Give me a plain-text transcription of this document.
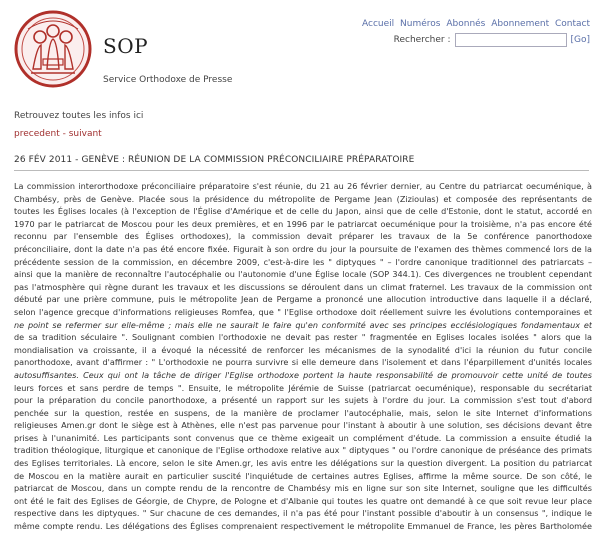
SOP
Service Orthodoxe de Presse
Accueil Numéros Abonnés Abonnement Contact
Rechercher :	[Go]
Retrouvez toutes les infos ici
precedent - suivant
26 FÉV 2011 - GENÈVE : RÉUNION DE LA COMMISSION PRÉCONCILIAIRE PRÉPARATOIRE
La commission interorthodoxe préconciliaire préparatoire s'est réunie, du 21 au 26 février dernier, au Centre du patriarcat oecuménique, à
Chambésy, près de Genève. Placée sous la présidence du métropolite de Pergame Jean (Zizioulas) et composée des représentants de
toutes les Églises locales (à l'exception de l'Église d'Amérique et de celle du Japon, ainsi que de celle d'Estonie, dont le statut, accordé en
1970 par le patriarcat de Moscou pour les deux premières, et en 1996 par le patriarcat oecuménique pour la troisième, n'a pas encore été
reconnu par l'ensemble des Églises orthodoxes), la commission devait préparer les travaux de la 5e conférence panorthodoxe
préconciliaire, dont la date n'a pas été encore fixée. Figurait à son ordre du jour la poursuite de l'examen des thèmes commencé lors de la
précédente session de la commission, en décembre 2009, c'est-à-dire les " diptyques " – l'ordre canonique traditionnel des patriarcats –
ainsi que la manière de reconnaître l'autocéphalie ou l'autonomie d'une Église locale (SOP 344.1). Ces divergences ne troublent cependant
pas l'atmosphère qui règne durant les travaux et les discussions se déroulent dans un climat fraternel. Les travaux de la commission ont
débuté par une prière commune, puis le métropolite Jean de Pergame a prononcé une allocution introductive dans laquelle il a déclaré,
selon l'agence grecque d'informations religieuses Romfea, que " l'Eglise orthodoxe doit réellement suivre les évolutions contemporaines et
ne point se refermer sur elle-même ; mais elle ne saurait le faire qu'en conformité avec ses principes ecclésiologiques fondamentaux et
de sa tradition séculaire ". Soulignant combien l'orthodoxie ne devait pas rester " fragmentée en Eglises locales isolées " alors que la
mondialisation va croissante, il a évoqué la nécessité de renforcer les mécanismes de la synodalité d'ici la réunion du futur concile
panorthodoxe, avant d'affirmer : " L'orthodoxie ne pourra survivre si elle demeure dans l'isolement et dans l'éparpillement d'unités locales
autosuffisantes. Ceux qui ont la tâche de diriger l'Eglise orthodoxe portent la haute responsabilité de promouvoir cette unité de toutes
leurs forces et sans perdre de temps ". Ensuite, le métropolite Jérémie de Suisse (patriarcat oecuménique), responsable du secrétariat
pour la préparation du concile panorthodoxe, a présenté un rapport sur les sujets à l'ordre du jour. La commission s'est tout d'abord
penchée sur la question, restée en suspens, de la manière de proclamer l'autocéphalie, mais, selon le site Internet d'informations
religieuses Amen.gr dont le siège est à Athènes, elle n'est pas parvenue pour l'instant à aboutir à une solution, ses décisions devant être
prises à l'unanimité. Les participants sont convenus que ce thème exigeait un complément d'étude. La commission a ensuite étudié la
tradition théologique, liturgique et canonique de l'Eglise orthodoxe relative aux " diptyques " ou l'ordre canonique de préséance des primats
des Eglises territoriales. Là encore, selon le site Amen.gr, les avis entre les délégations sur la question divergent. La position du patriarcat
de Moscou en la matière aurait en particulier suscité l'inquiétude de certaines autres Eglises, affirme la même source. De son côté, le
patriarcat de Moscou, dans un compte rendu de la rencontre de Chambésy mis en ligne sur son site Internet, souligne que les difficultés
ont été le fait des Eglises de Géorgie, de Chypre, de Pologne et d'Albanie qui toutes les quatre ont demandé à ce que soit revue leur place
respective dans les diptyques. " Sur chacune de ces demandes, il n'a pas été pour l'instant possible d'aboutir à un consensus ", indique le
même compte rendu. Les délégations des Églises comprenaient respectivement le métropolite Emmanuel de France, les pères Bartholomée
